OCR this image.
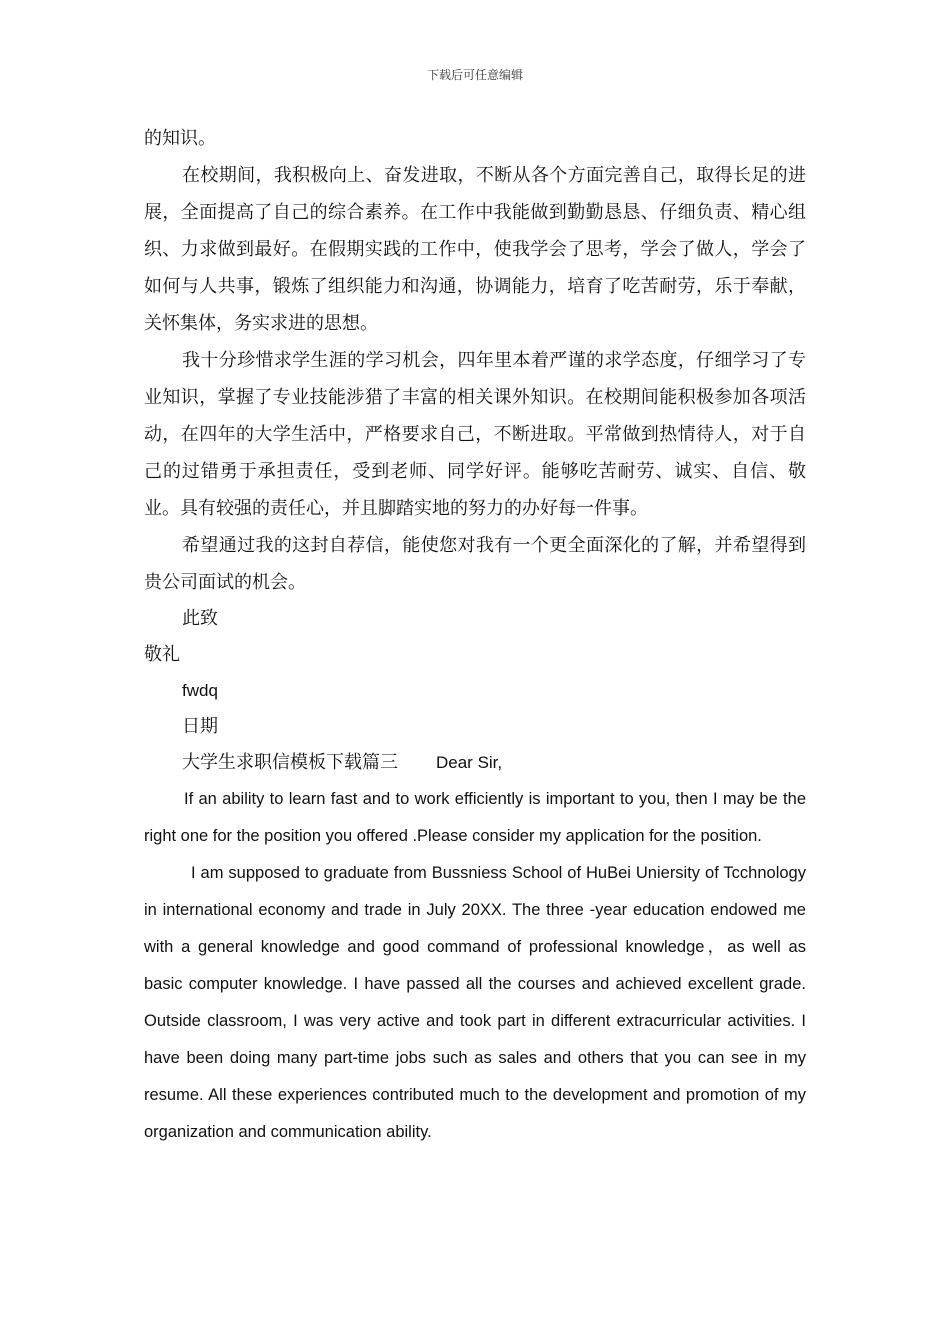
下载后可任意编辑

的知识。

在校期间，我积极向上、奋发进取，不断从各个方面完善自己，取得长足的进展，全面提高了自己的综合素养。在工作中我能做到勤勤恳恳、仔细负责、精心组织、力求做到最好。在假期实践的工作中，使我学会了思考，学会了做人，学会了如何与人共事，锻炼了组织能力和沟通，协调能力，培育了吃苦耐劳，乐于奉献，关怀集体，务实求进的思想。

我十分珍惜求学生涯的学习机会，四年里本着严谨的求学态度，仔细学习了专业知识，掌握了专业技能涉猎了丰富的相关课外知识。在校期间能积极参加各项活动，在四年的大学生活中，严格要求自己，不断进取。平常做到热情待人，对于自己的过错勇于承担责任，受到老师、同学好评。能够吃苦耐劳、诚实、自信、敬业。具有较强的责任心，并且脚踏实地的努力的办好每一件事。

希望通过我的这封自荐信，能使您对我有一个更全面深化的了解，并希望得到贵公司面试的机会。

此致

敬礼

fwdq

日期

大学生求职信模板下载篇三 Dear Sir,

If an ability to learn fast and to work efficiently is important to you, then I may be the right one for the position you offered .Please consider my application for the position.

I am supposed to graduate from Bussniess School of HuBei Uniersity of Tcchnology in international economy and trade in July 20XX. The three -year education endowed me with a general knowledge and good command of professional knowledge，as well as basic computer knowledge. I have passed all the courses and achieved excellent grade. Outside classroom, I was very active and took part in different extracurricular activities. I have been doing many part-time jobs such as sales and others that you can see in my resume. All these experiences contributed much to the development and promotion of my organization and communication ability.
